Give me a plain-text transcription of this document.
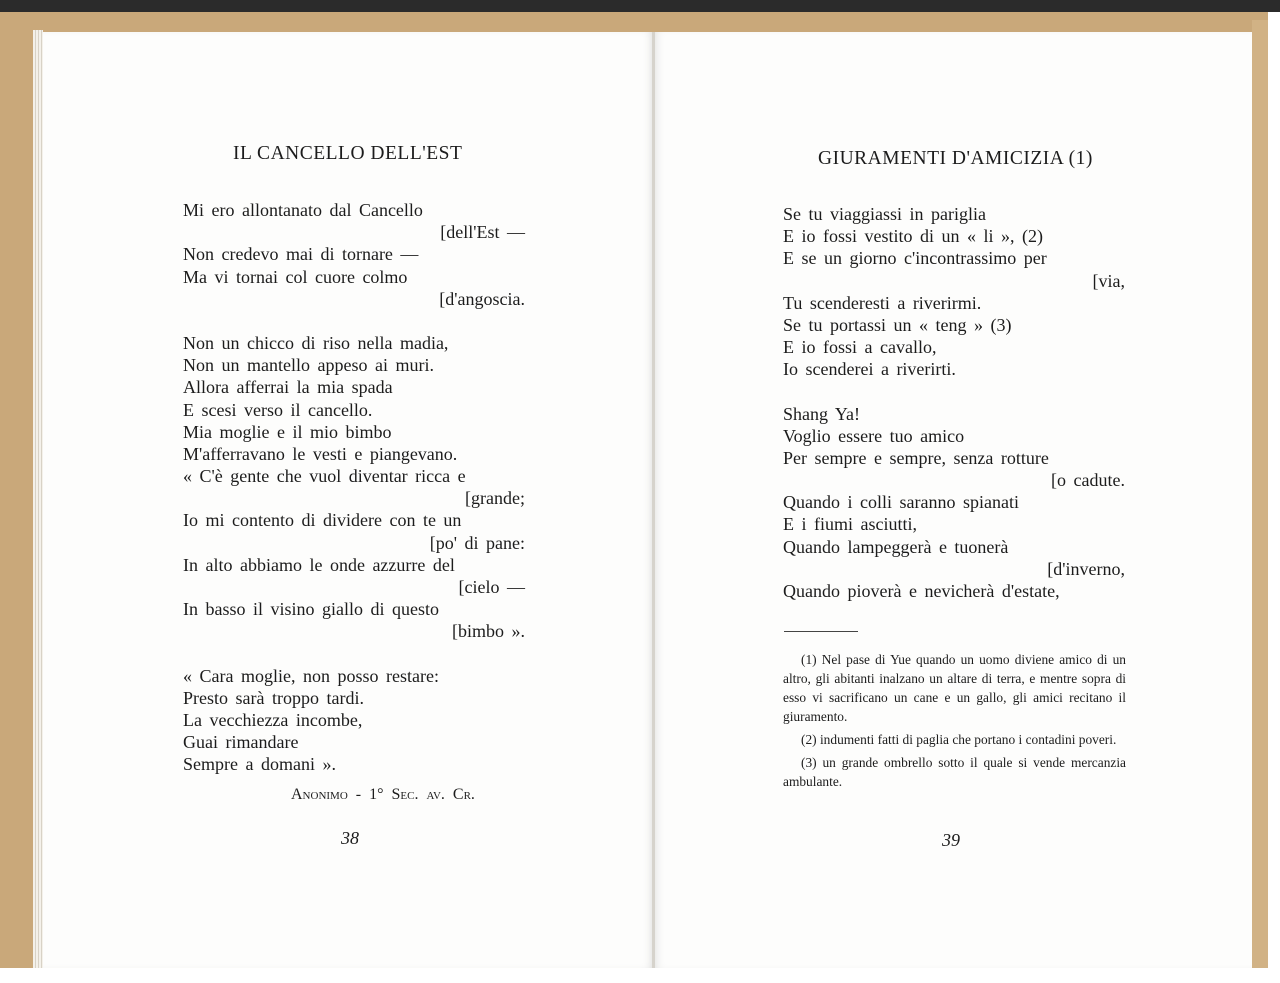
IL CANCELLO DELL'EST
Mi ero allontanato dal Cancello
[dell'Est —
Non credevo mai di tornare —
Ma vi tornai col cuore colmo
[d'angoscia.
Non un chicco di riso nella madia,
Non un mantello appeso ai muri.
Allora afferrai la mia spada
E scesi verso il cancello.
Mia moglie e il mio bimbo
M'afferravano le vesti e piangevano.
« C'è gente che vuol diventar ricca e
[grande;
Io mi contento di dividere con te un
[po' di pane:
In alto abbiamo le onde azzurre del
[cielo —
In basso il visino giallo di questo
[bimbo ».
« Cara moglie, non posso restare:
Presto sarà troppo tardi.
La vecchiezza incombe,
Guai rimandare
Sempre a domani ».
Anonimo - 1° Sec. av. Cr.
38
GIURAMENTI D'AMICIZIA (1)
Se tu viaggiassi in pariglia
E io fossi vestito di un « li », (2)
E se un giorno c'incontrassimo per
[via,
Tu scenderesti a riverirmi.
Se tu portassi un « teng » (3)
E io fossi a cavallo,
Io scenderei a riverirti.
Shang Ya!
Voglio essere tuo amico
Per sempre e sempre, senza rotture
[o cadute.
Quando i colli saranno spianati
E i fiumi asciutti,
Quando lampeggerà e tuonerà
[d'inverno,
Quando pioverà e nevicherà d'estate,
(1) Nel pase di Yue quando un uomo diviene amico di un altro, gli abitanti inalzano un altare di terra, e mentre sopra di esso vi sacrificano un cane e un gallo, gli amici recitano il giuramento.
(2) indumenti fatti di paglia che portano i contadini poveri.
(3) un grande ombrello sotto il quale si vende mercanzia ambulante.
39
